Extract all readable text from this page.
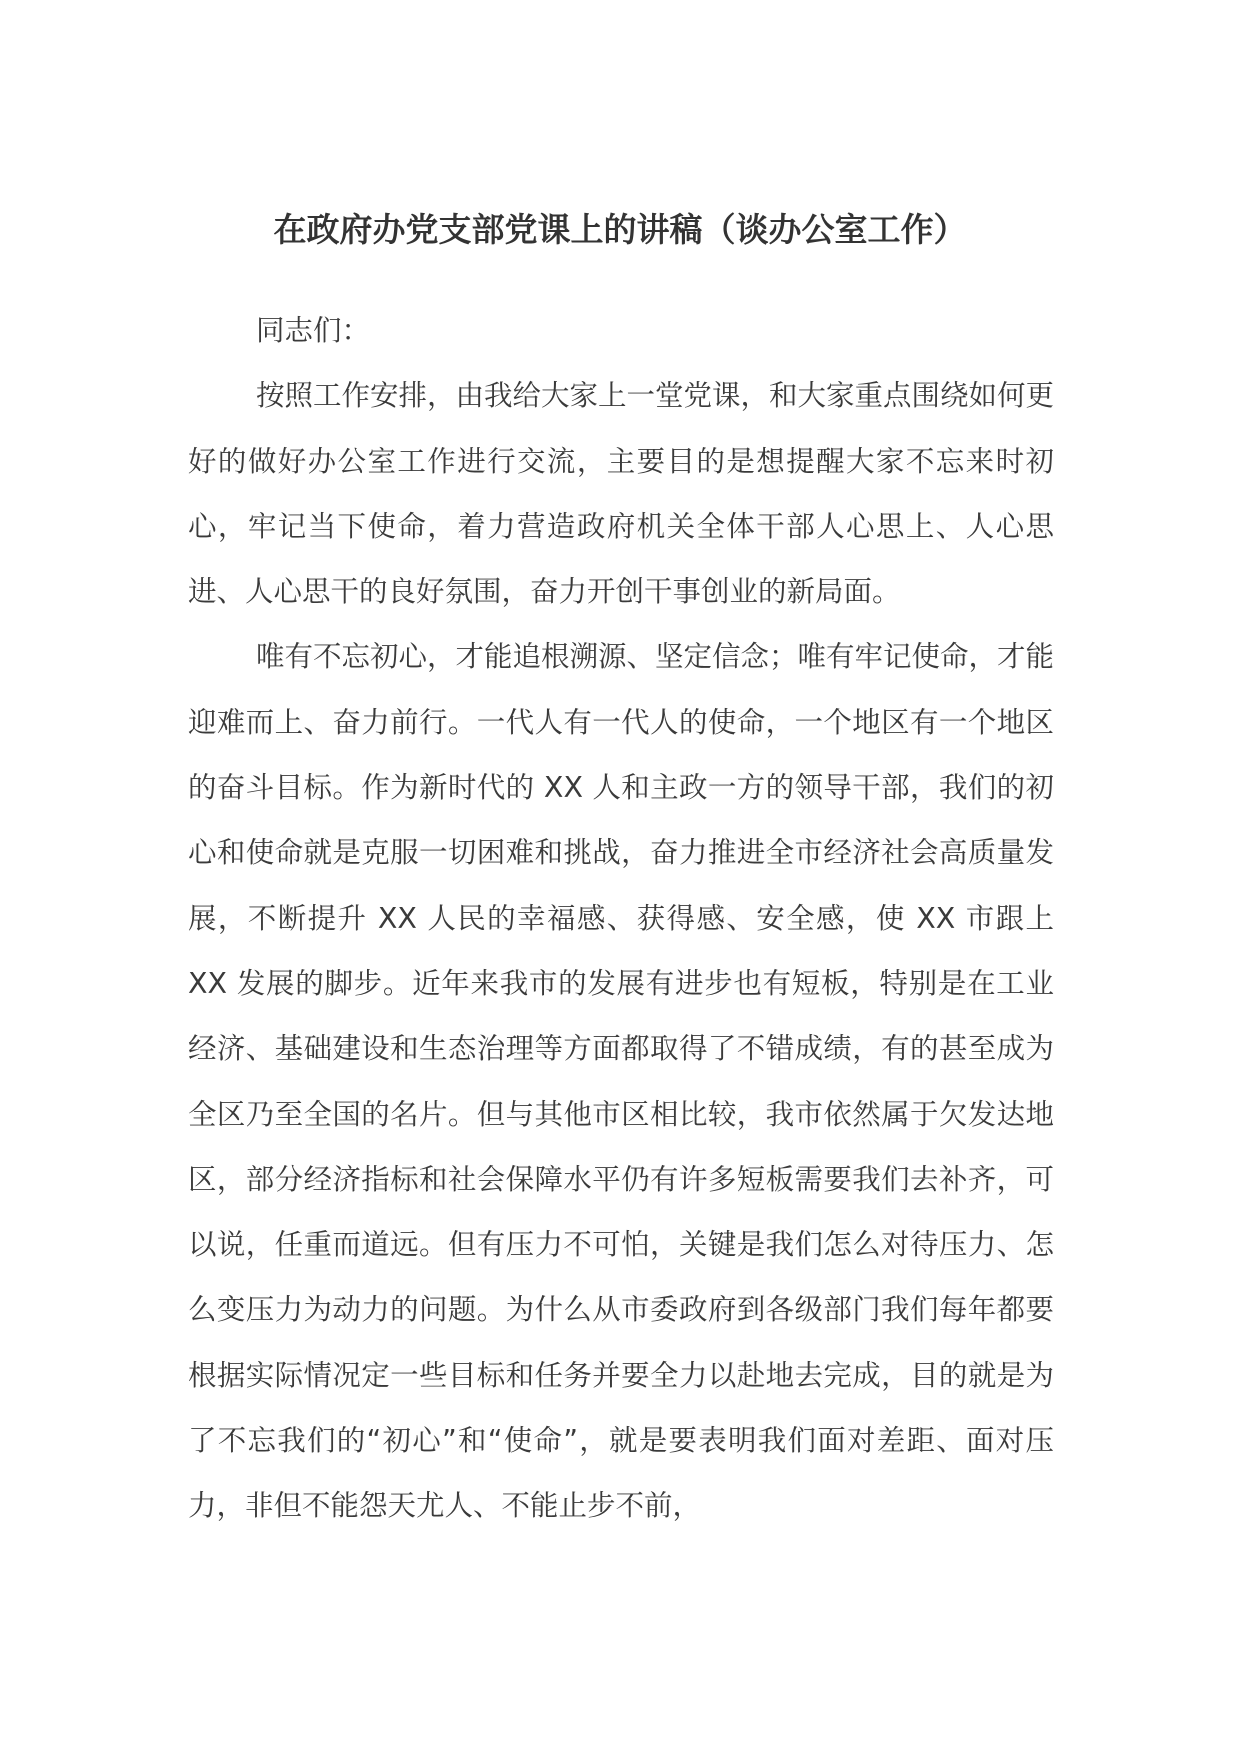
在政府办党支部党课上的讲稿（谈办公室工作）

同志们：

按照工作安排，由我给大家上一堂党课，和大家重点围绕如何更好的做好办公室工作进行交流，主要目的是想提醒大家不忘来时初心，牢记当下使命，着力营造政府机关全体干部人心思上、人心思进、人心思干的良好氛围，奋力开创干事创业的新局面。

唯有不忘初心，才能追根溯源、坚定信念；唯有牢记使命，才能迎难而上、奋力前行。一代人有一代人的使命，一个地区有一个地区的奋斗目标。作为新时代的 XX 人和主政一方的领导干部，我们的初心和使命就是克服一切困难和挑战，奋力推进全市经济社会高质量发展，不断提升 XX 人民的幸福感、获得感、安全感，使 XX 市跟上 XX 发展的脚步。近年来我市的发展有进步也有短板，特别是在工业经济、基础建设和生态治理等方面都取得了不错成绩，有的甚至成为全区乃至全国的名片。但与其他市区相比较，我市依然属于欠发达地区，部分经济指标和社会保障水平仍有许多短板需要我们去补齐，可以说，任重而道远。但有压力不可怕，关键是我们怎么对待压力、怎么变压力为动力的问题。为什么从市委政府到各级部门我们每年都要根据实际情况定一些目标和任务并要全力以赴地去完成，目的就是为了不忘我们的“初心”和“使命”，就是要表明我们面对差距、面对压力，非但不能怨天尤人、不能止步不前，
